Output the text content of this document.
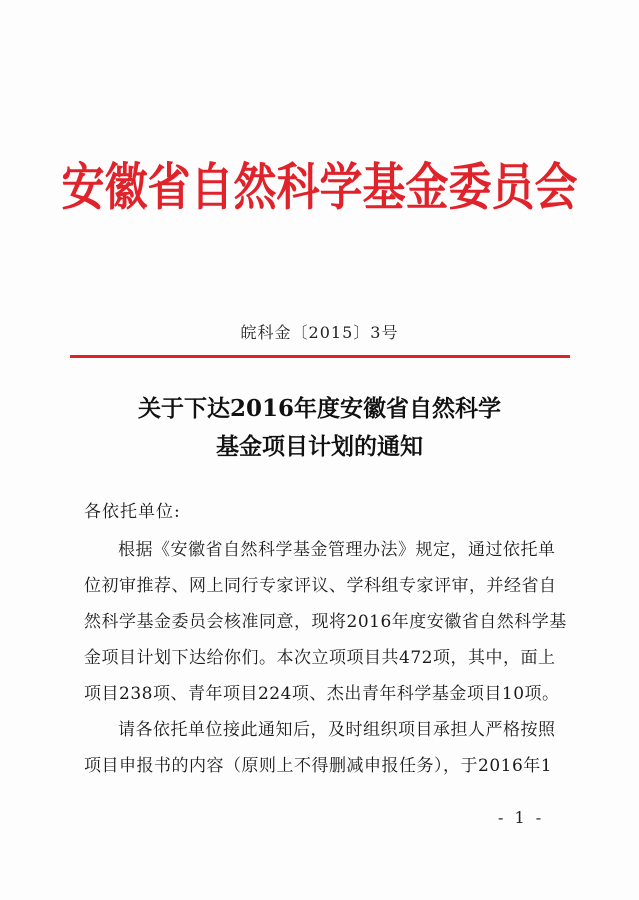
安徽省自然科学基金委员会
皖科金〔2015〕3号
关于下达2016年度安徽省自然科学
基金项目计划的通知
各依托单位:
根据《安徽省自然科学基金管理办法》规定，通过依托单
位初审推荐、网上同行专家评议、学科组专家评审，并经省自
然科学基金委员会核准同意，现将2016年度安徽省自然科学基
金项目计划下达给你们。本次立项项目共472项，其中，面上
项目238项、青年项目224项、杰出青年科学基金项目10项。
请各依托单位接此通知后，及时组织项目承担人严格按照
项目申报书的内容（原则上不得删减申报任务），于2016年1
- 1 -
